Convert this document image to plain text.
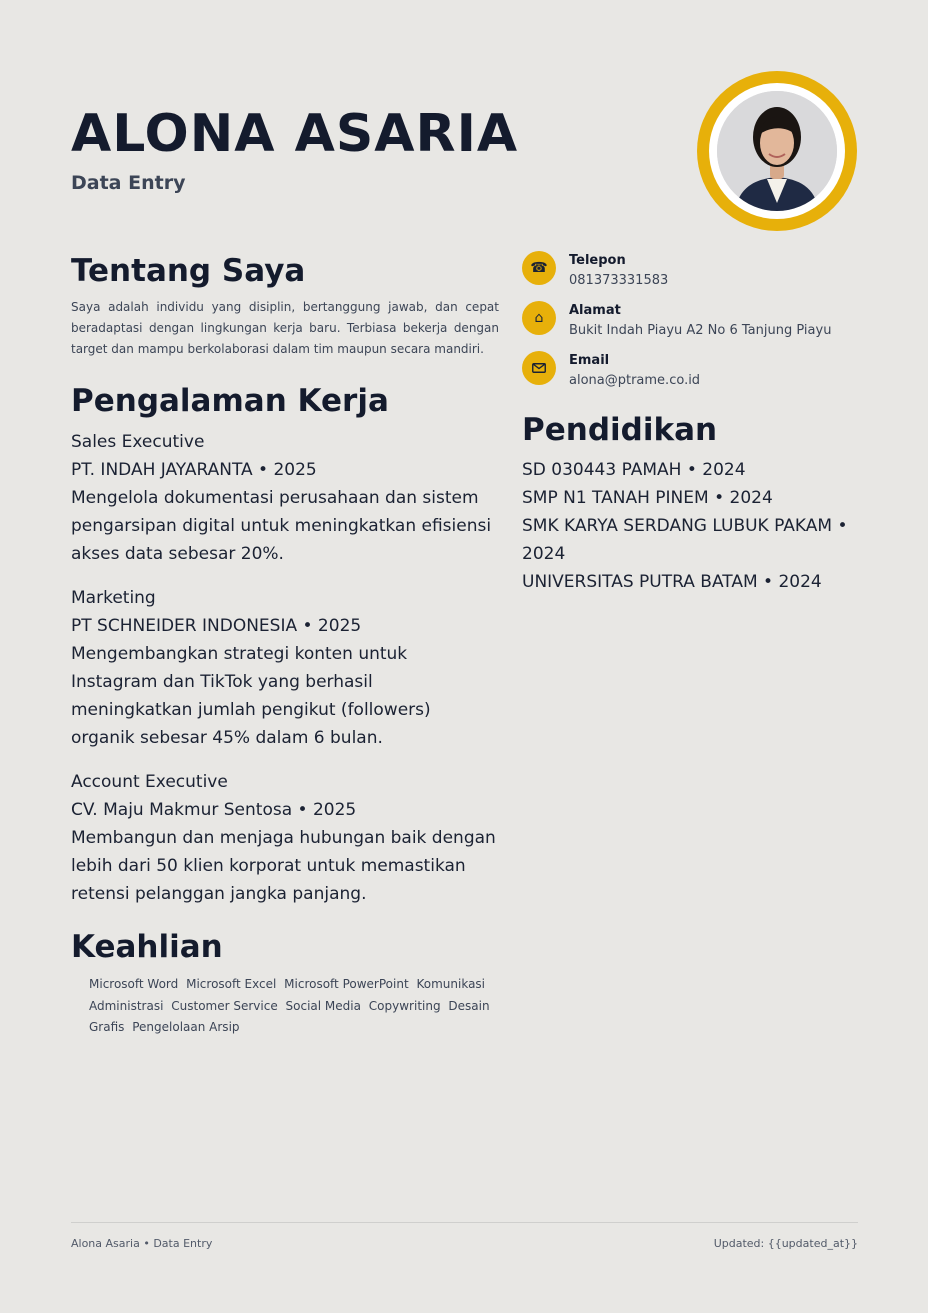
ALONA ASARIA
Data Entry
Tentang Saya

Saya adalah individu yang disiplin, bertanggung jawab, dan cepat beradaptasi dengan lingkungan kerja baru. Terbiasa bekerja dengan target dan mampu berkolaborasi dalam tim maupun secara mandiri.

Pengalaman Kerja
Sales Executive
PT. INDAH JAYARANTA • 2025
Mengelola dokumentasi perusahaan dan sistem pengarsipan digital untuk meningkatkan efisiensi akses data sebesar 20%.
Marketing
PT SCHNEIDER INDONESIA • 2025
Mengembangkan strategi konten untuk Instagram dan TikTok yang berhasil meningkatkan jumlah pengikut (followers) organik sebesar 45% dalam 6 bulan.
Account Executive
CV. Maju Makmur Sentosa • 2025
Membangun dan menjaga hubungan baik dengan lebih dari 50 klien korporat untuk memastikan retensi pelanggan jangka panjang.
Keahlian
Microsoft Word Microsoft Excel Microsoft PowerPoint Komunikasi Administrasi Customer Service Social Media Copywriting Desain Grafis Pengelolaan Arsip
☎	Telepon
081373331583
⌂	Alamat
Bukit Indah Piayu A2 No 6 Tanjung Piayu
Email
alona@ptrame.co.id
Pendidikan
SD 030443 PAMAH • 2024
SMP N1 TANAH PINEM • 2024
SMK KARYA SERDANG LUBUK PAKAM • 2024
UNIVERSITAS PUTRA BATAM • 2024
Alona Asaria • Data Entry	Updated: {{updated_at}}
